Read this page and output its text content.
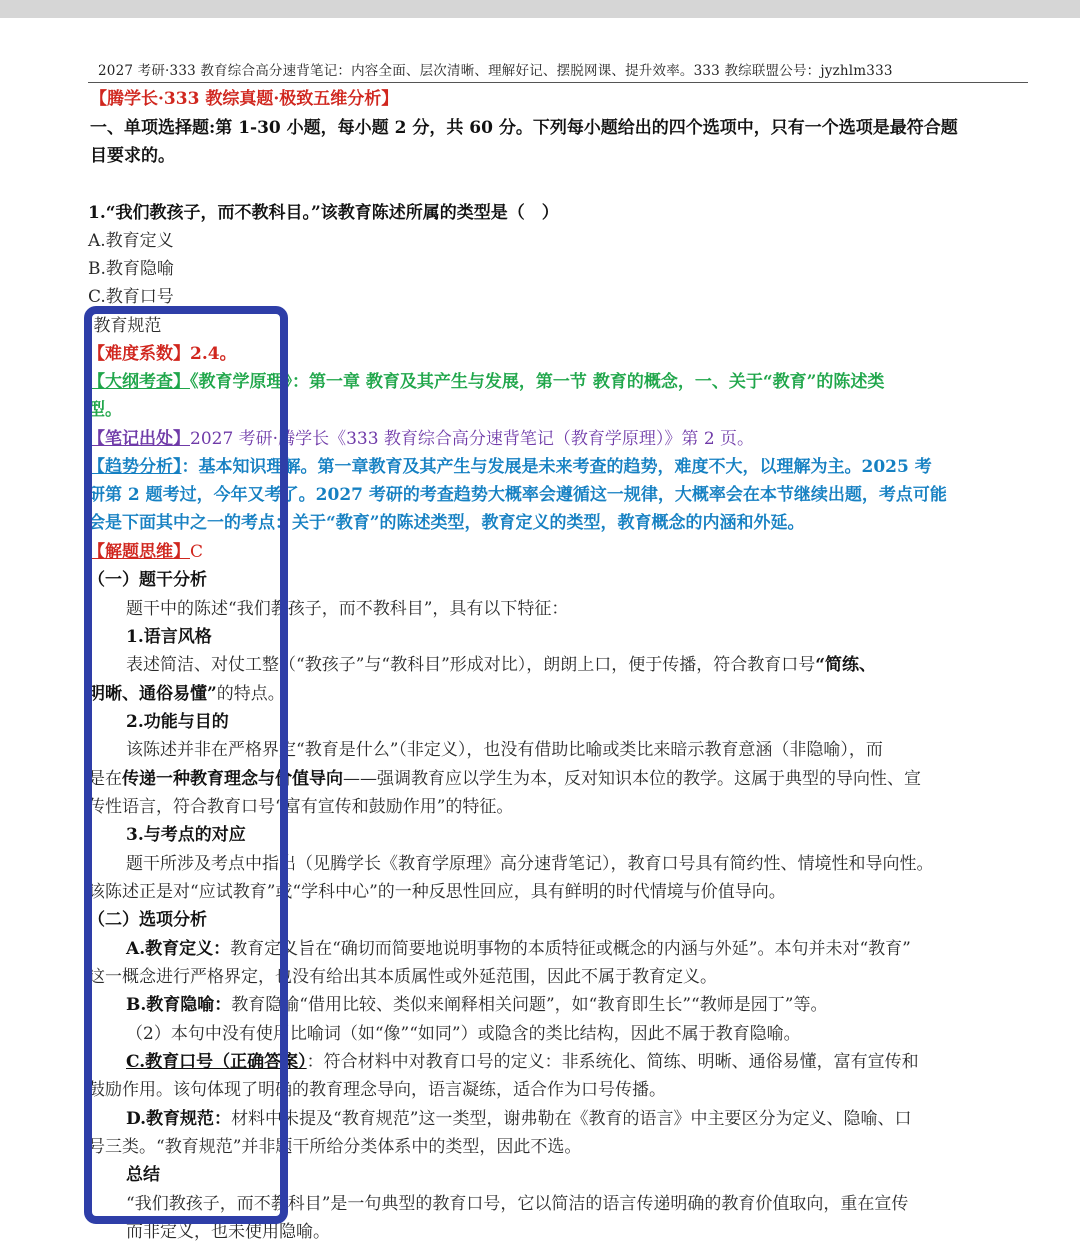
2027 考研·333 教育综合高分速背笔记：内容全面、层次清晰、理解好记、摆脱网课、提升效率。333 教综联盟公号：jyzhlm333
【腾学长·333 教综真题·极致五维分析】
一、单项选择题:第 1-30 小题，每小题 2 分，共 60 分。下列每小题给出的四个选项中，只有一个选项是最符合题
目要求的。
1.“我们教孩子，而不教科目。”该教育陈述所属的类型是（　）
A.教育定义
B.教育隐喻
C.教育口号
.教育规范
【难度系数】2.4。
【大纲考查】《教育学原理》：第一章 教育及其产生与发展，第一节 教育的概念，一、关于“教育”的陈述类
型。
【笔记出处】2027 考研·腾学长《333 教育综合高分速背笔记（教育学原理）》第 2 页。
【趋势分析】：基本知识理解。第一章教育及其产生与发展是未来考查的趋势，难度不大，以理解为主。2025 考
研第 2 题考过，今年又考了。2027 考研的考查趋势大概率会遵循这一规律，大概率会在本节继续出题，考点可能
会是下面其中之一的考点：关于“教育”的陈述类型，教育定义的类型，教育概念的内涵和外延。
【解题思维】C
（一）题干分析
题干中的陈述“我们教孩子，而不教科目”，具有以下特征：
1.语言风格
表述简洁、对仗工整（“教孩子”与“教科目”形成对比），朗朗上口，便于传播，符合教育口号“简练、
明晰、通俗易懂”的特点。
2.功能与目的
该陈述并非在严格界定“教育是什么”（非定义），也没有借助比喻或类比来暗示教育意涵（非隐喻），而
是在传递一种教育理念与价值导向——强调教育应以学生为本，反对知识本位的教学。这属于典型的导向性、宣
传性语言，符合教育口号“富有宣传和鼓励作用”的特征。
3.与考点的对应
题干所涉及考点中指出（见腾学长《教育学原理》高分速背笔记），教育口号具有简约性、情境性和导向性。
该陈述正是对“应试教育”或“学科中心”的一种反思性回应，具有鲜明的时代情境与价值导向。
（二）选项分析
A.教育定义：教育定义旨在“确切而简要地说明事物的本质特征或概念的内涵与外延”。本句并未对“教育”
这一概念进行严格界定，也没有给出其本质属性或外延范围，因此不属于教育定义。
B.教育隐喻：教育隐喻“借用比较、类似来阐释相关问题”，如“教育即生长”“教师是园丁”等。
（2）本句中没有使用比喻词（如“像”“如同”）或隐含的类比结构，因此不属于教育隐喻。
C.教育口号（正确答案）：符合材料中对教育口号的定义：非系统化、简练、明晰、通俗易懂，富有宣传和
鼓励作用。该句体现了明确的教育理念导向，语言凝练，适合作为口号传播。
D.教育规范：材料中未提及“教育规范”这一类型，谢弗勒在《教育的语言》中主要区分为定义、隐喻、口
号三类。“教育规范”并非题干所给分类体系中的类型，因此不选。
总结
“我们教孩子，而不教科目”是一句典型的教育口号，它以简洁的语言传递明确的教育价值取向，重在宣传
而非定义，也未使用隐喻。
